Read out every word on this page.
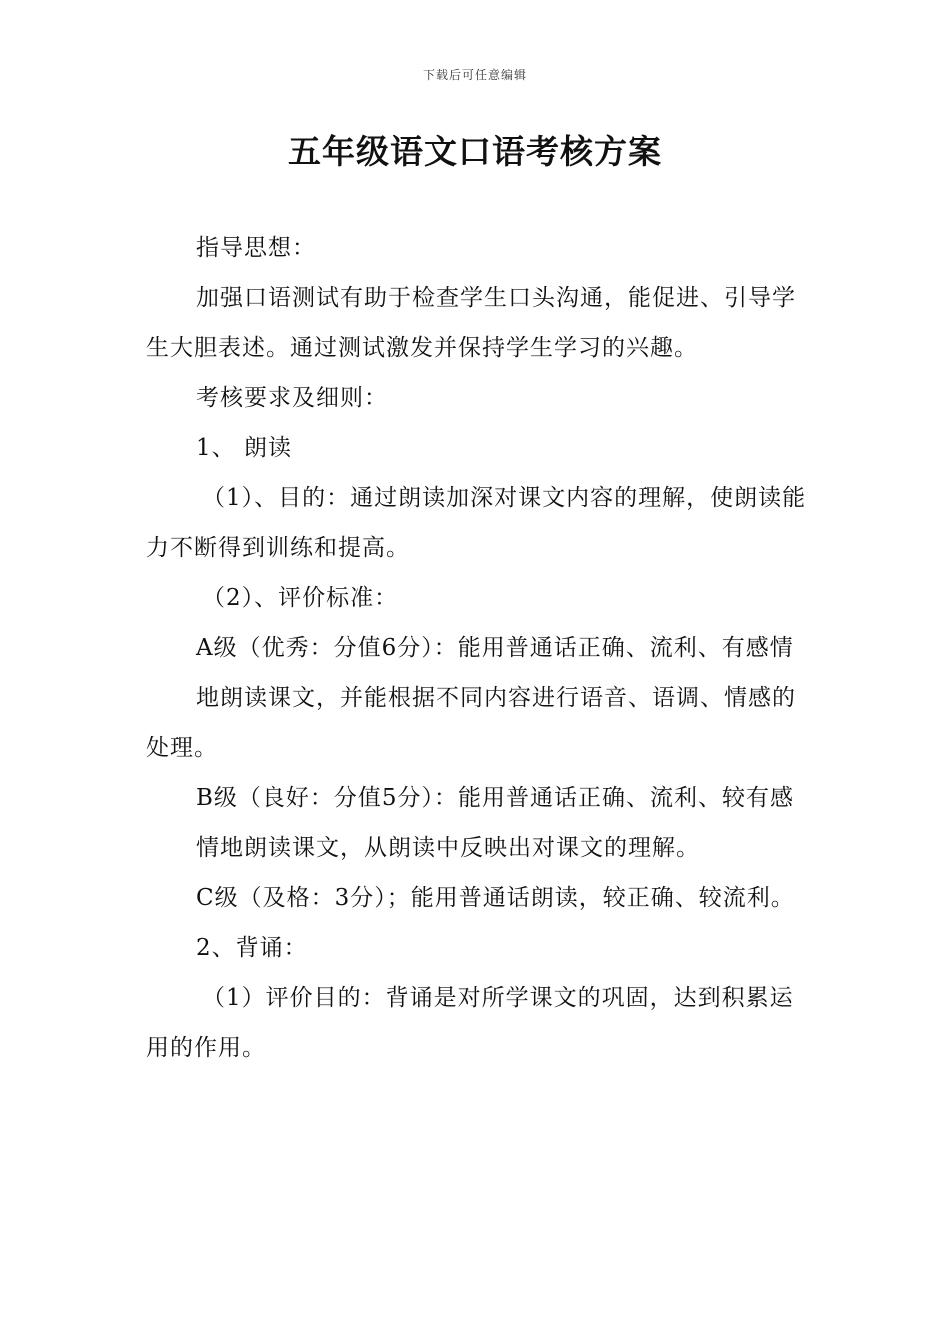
下载后可任意编辑
五年级语文口语考核方案

指导思想：

加强口语测试有助于检查学生口头沟通，能促进、引导学生大胆表述。通过测试激发并保持学生学习的兴趣。

考核要求及细则：

1、 朗读

（1）、目的：通过朗读加深对课文内容的理解，使朗读能力不断得到训练和提高。

（2）、评价标准：

A级（优秀：分值6分）：能用普通话正确、流利、有感情

地朗读课文，并能根据不同内容进行语音、语调、情感的处理。

B级（良好：分值5分）：能用普通话正确、流利、较有感

情地朗读课文，从朗读中反映出对课文的理解。

C级（及格：3分）；能用普通话朗读，较正确、较流利。

2、背诵：

（1）评价目的：背诵是对所学课文的巩固，达到积累运用的作用。
